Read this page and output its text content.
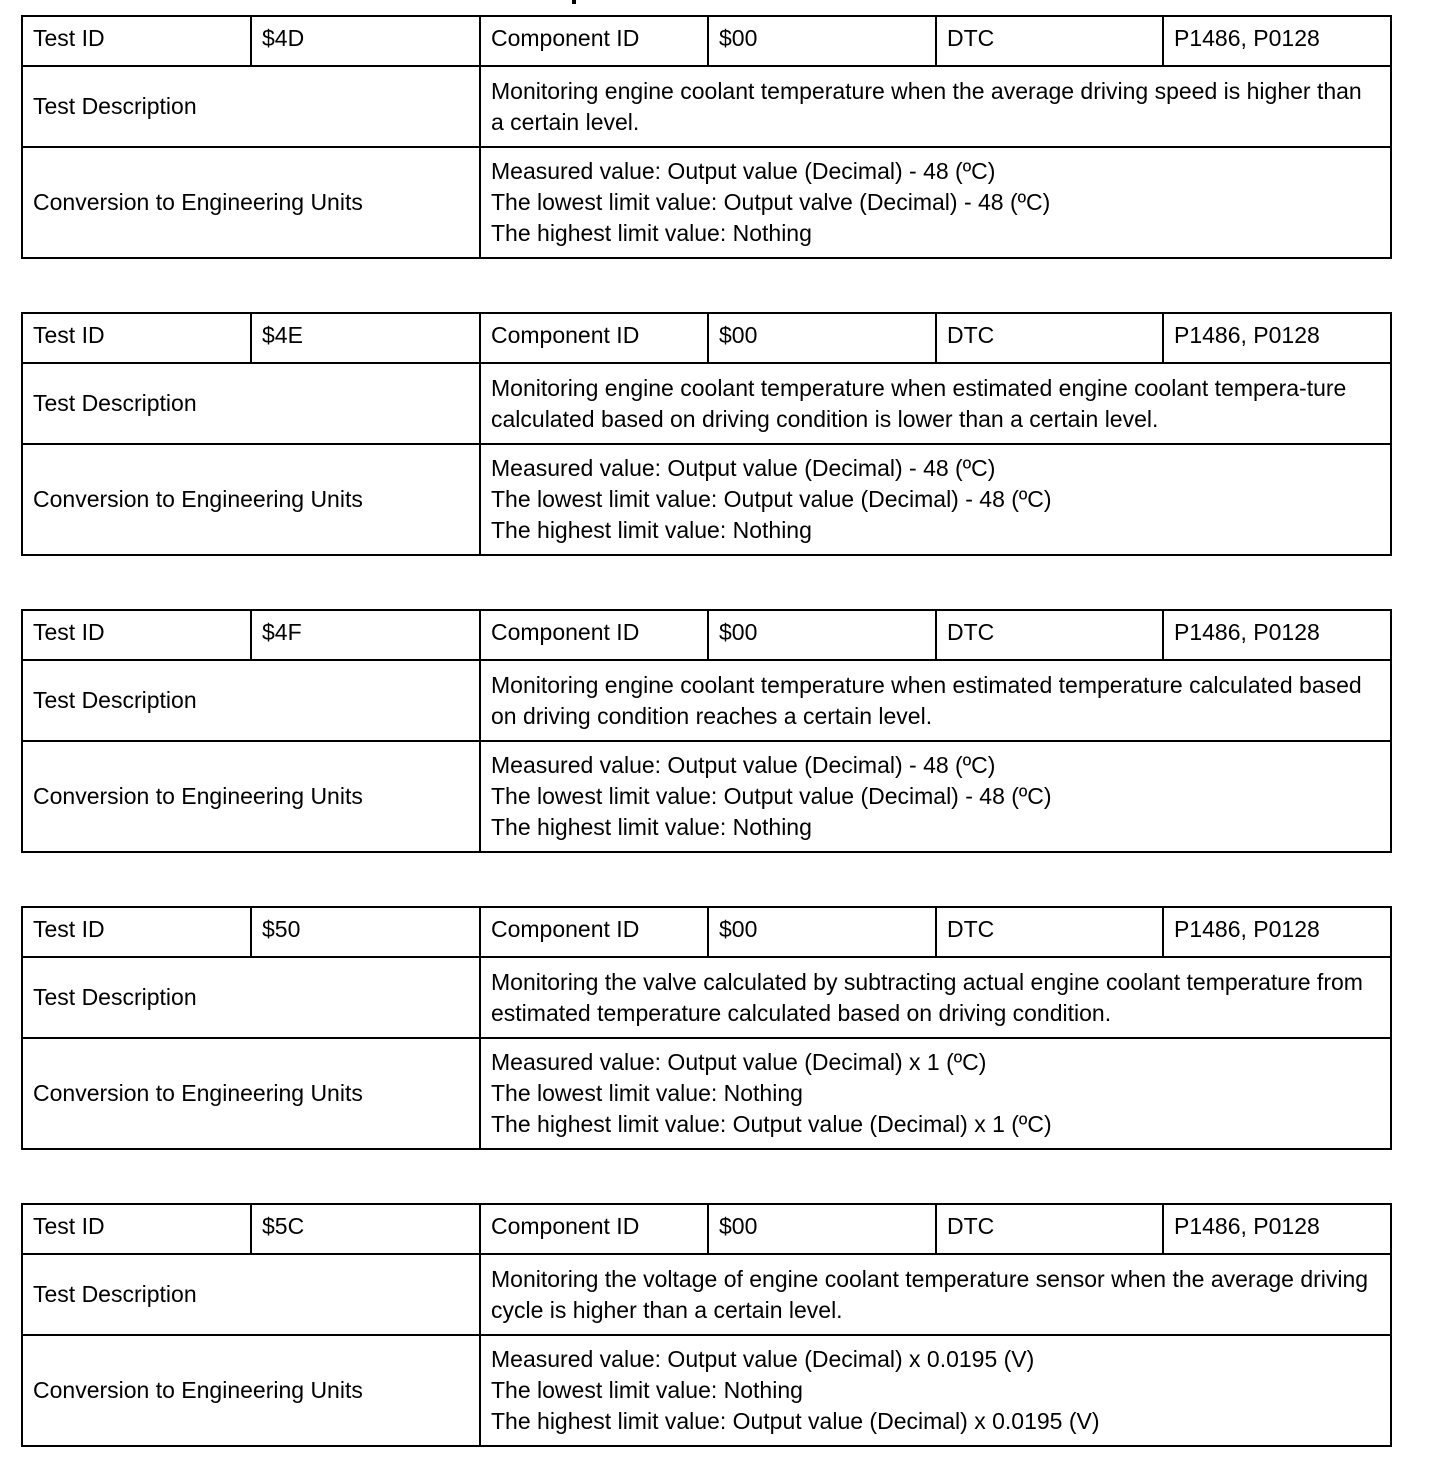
Test ID	$4D	Component ID	$00	DTC	P1486, P0128
Test Description		Monitoring engine coolant temperature when the average driving speed is higher than a certain level.			
Conversion to Engineering Units		Measured value: Output value (Decimal) - 48 (ºC)
The lowest limit value: Output valve (Decimal) - 48 (ºC)
The highest limit value: Nothing			
Test ID	$4E	Component ID	$00	DTC	P1486, P0128
Test Description		Monitoring engine coolant temperature when estimated engine coolant tempera-ture calculated based on driving condition is lower than a certain level.			
Conversion to Engineering Units		Measured value: Output value (Decimal) - 48 (ºC)
The lowest limit value: Output value (Decimal) - 48 (ºC)
The highest limit value: Nothing			
Test ID	$4F	Component ID	$00	DTC	P1486, P0128
Test Description		Monitoring engine coolant temperature when estimated temperature calculated based on driving condition reaches a certain level.			
Conversion to Engineering Units		Measured value: Output value (Decimal) - 48 (ºC)
The lowest limit value: Output value (Decimal) - 48 (ºC)
The highest limit value: Nothing			
Test ID	$50	Component ID	$00	DTC	P1486, P0128
Test Description		Monitoring the valve calculated by subtracting actual engine coolant temperature from estimated temperature calculated based on driving condition.			
Conversion to Engineering Units		Measured value: Output value (Decimal) x 1 (ºC)
The lowest limit value: Nothing
The highest limit value: Output value (Decimal) x 1 (ºC)			
Test ID	$5C	Component ID	$00	DTC	P1486, P0128
Test Description		Monitoring the voltage of engine coolant temperature sensor when the average driving cycle is higher than a certain level.			
Conversion to Engineering Units		Measured value: Output value (Decimal) x 0.0195 (V)
The lowest limit value: Nothing
The highest limit value: Output value (Decimal) x 0.0195 (V)			
